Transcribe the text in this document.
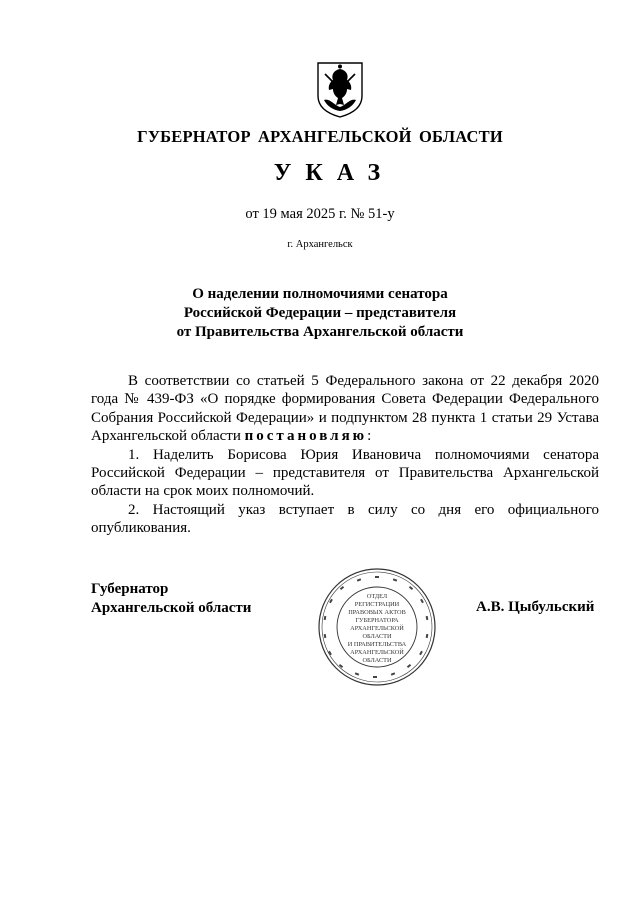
ГУБЕРНАТОР АРХАНГЕЛЬСКОЙ ОБЛАСТИ
УКАЗ
от 19 мая 2025 г. № 51-у
г. Архангельск
О наделении полномочиями сенатора
Российской Федерации – представителя
от Правительства Архангельской области

В соответствии со статьей 5 Федерального закона от 22 декабря 2020 года № 439-ФЗ «О порядке формирования Совета Федерации Федерального Собрания Российской Федерации» и подпунктом 28 пункта 1 статьи 29 Устава Архангельской области постановляю:

1. Наделить Борисова Юрия Ивановича полномочиями сенатора Российской Федерации – представителя от Правительства Архангельской области на срок моих полномочий.

2. Настоящий указ вступает в силу со дня его официального опубликования.

Губернатор
Архангельской области
ОТДЕЛ
РЕГИСТРАЦИИ
ПРАВОВЫХ АКТОВ
ГУБЕРНАТОРА
АРХАНГЕЛЬСКОЙ
ОБЛАСТИ
И ПРАВИТЕЛЬСТВА
АРХАНГЕЛЬСКОЙ
ОБЛАСТИ
А.В. Цыбульский
